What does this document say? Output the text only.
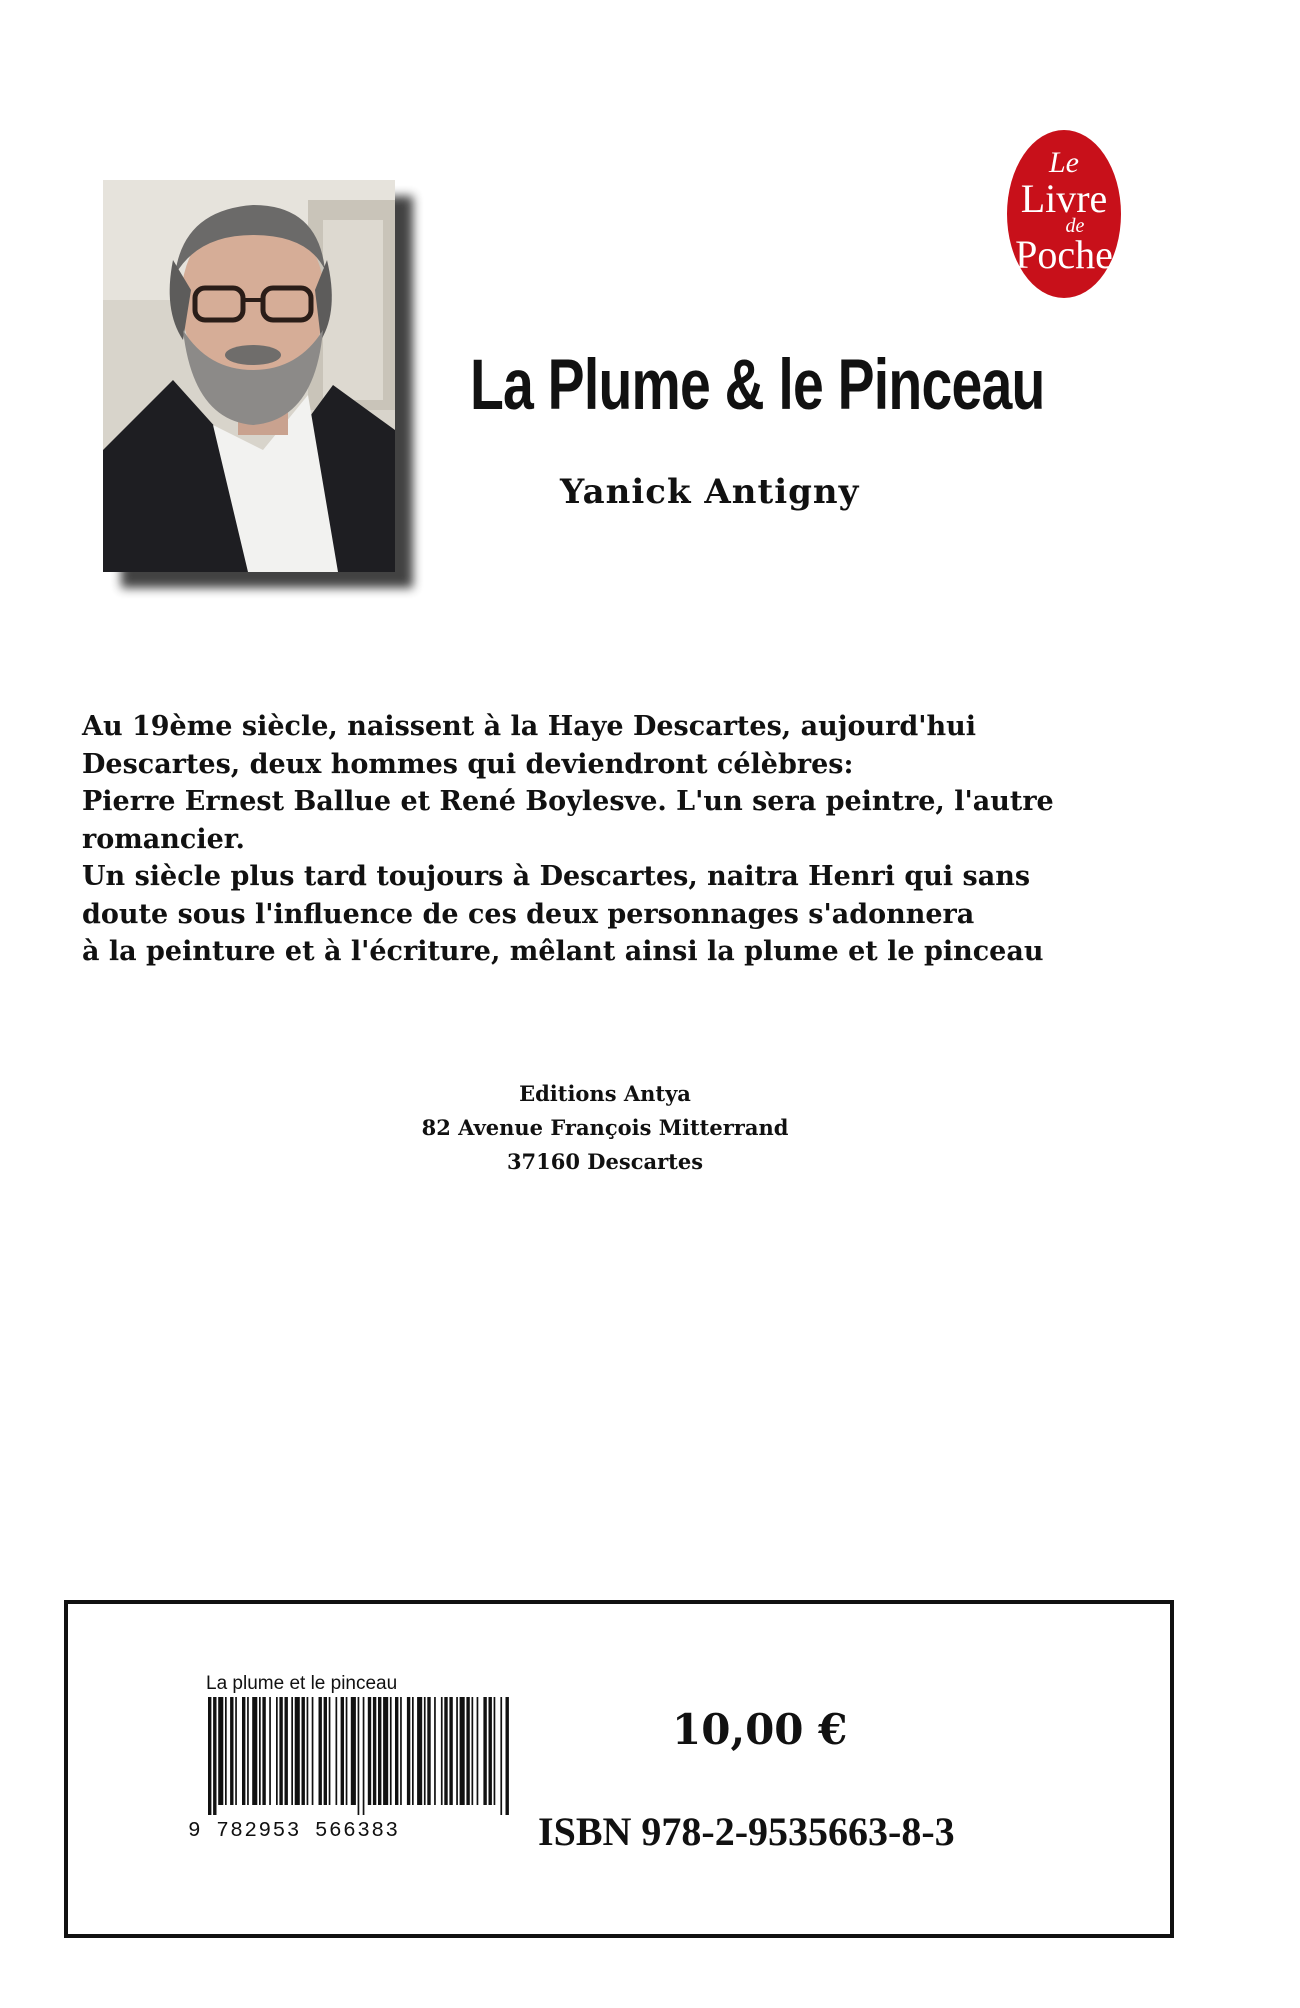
Le
Livre
de
Poche
La Plume & le Pinceau
Yanick Antigny

Au 19ème siècle, naissent à la Haye Descartes, aujourd'hui

Descartes, deux hommes qui deviendront célèbres:

Pierre Ernest Ballue et René Boylesve. L'un sera peintre, l'autre

romancier.

Un siècle plus tard toujours à Descartes, naitra Henri qui sans

doute sous l'influence de ces deux personnages s'adonnera

à la peinture et à l'écriture, mêlant ainsi la plume et le pinceau

Editions Antya
82 Avenue François Mitterrand
37160 Descartes
La plume et le pinceau
9 782953 566383
10,00 €
ISBN 978-2-9535663-8-3
